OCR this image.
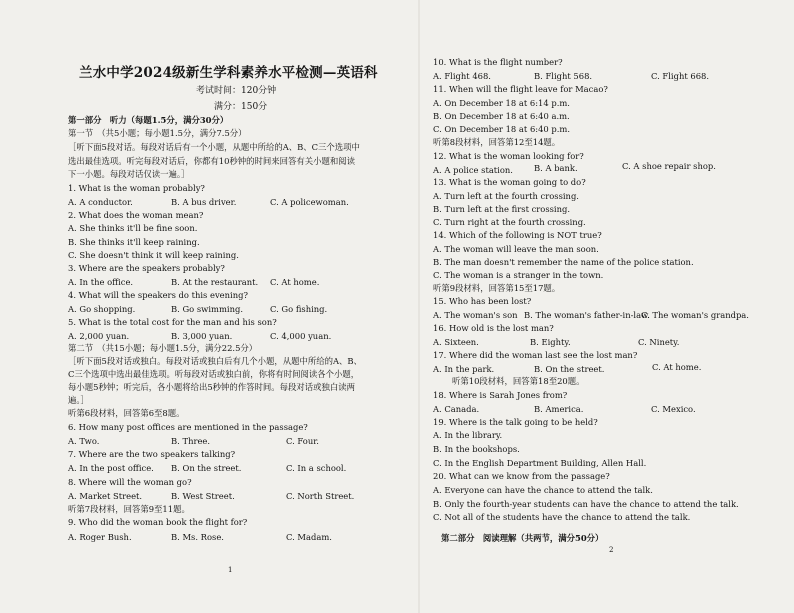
兰水中学2024级新生学科素养水平检测—英语科
考试时间：120分钟
满分：150分
第一部分　听力（每题1.5分，满分30分）
第一节　（共5小题；每小题1.5分，满分7.5分）
［听下面5段对话。每段对话后有一个小题，从题中所给的A、B、C三个选项中
选出最佳选项。听完每段对话后，你都有10秒钟的时间来回答有关小题和阅读
下一小题。每段对话仅读一遍。］
1. What is the woman probably?
A. A conductor.	B. A bus driver.	C. A policewoman.
2. What does the woman mean?
A. She thinks it'll be fine soon.
B. She thinks it'll keep raining.
C. She doesn't think it will keep raining.
3. Where are the speakers probably?
A. In the office.	B. At the restaurant. C. At home.
4. What will the speakers do this evening?
A. Go shopping.	B. Go swimming.	C. Go fishing.
5. What is the total cost for the man and his son?
A. 2,000 yuan.	B. 3,000 yuan.	C. 4,000 yuan.
第二节　（共15小题；每小题1.5分，满分22.5分）
［听下面5段对话或独白。每段对话或独白后有几个小题，从题中所给的A、B、
C三个选项中选出最佳选项。听每段对话或独白前，你将有时间阅读各个小题，
每小题5秒钟；听完后，各小题将给出5秒钟的作答时间。每段对话或独白读两
遍。］
听第6段材料，回答第6至8题。
6. How many post offices are mentioned in the passage?
A. Two.	B. Three.	C. Four.
7. Where are the two speakers talking?
A. In the post office. B. On the street.	C. In a school.
8. Where will the woman go?
A. Market Street.	B. West Street.	C. North Street.
听第7段材料，回答第9至11题。
9. Who did the woman book the flight for?
A. Roger Bush.	B. Ms. Rose.	C. Madam.
1
10. What is the flight number?
A. Flight 468.	B. Flight 568.	C. Flight 668.
11. When will the flight leave for Macao?
A. On December 18 at 6:14 p.m.
B. On December 18 at 6:40 a.m.
C. On December 18 at 6:40 p.m.
听第8段材料，回答第12至14题。
12. What is the woman looking for?
A. A police station.	B. A bank.	C. A shoe repair shop.
13. What is the woman going to do?
A. Turn left at the fourth crossing.
B. Turn left at the first crossing.
C. Turn right at the fourth crossing.
14. Which of the following is NOT true?
A. The woman will leave the man soon.
B. The man doesn't remember the name of the police station.
C. The woman is a stranger in the town.
听第9段材料，回答第15至17题。
15. Who has been lost?
A. The woman's son B. The woman's father-in-law.
C. The woman's grandpa.
16. How old is the lost man?
A. Sixteen.	B. Eighty.	C. Ninety.
17. Where did the woman last see the lost man?
A. In the park.	B. On the street.	C. At home.
听第10段材料，回答第18至20题。
18. Where is Sarah Jones from?
A. Canada.	B. America.	C. Mexico.
19. Where is the talk going to be held?
A. In the library.
B. In the bookshops.
C. In the English Department Building, Allen Hall.
20. What can we know from the passage?
A. Everyone can have the chance to attend the talk.
B. Only the fourth-year students can have the chance to attend the talk.
C. Not all of the students have the chance to attend the talk.
第二部分　阅读理解（共两节，满分50分）
2
